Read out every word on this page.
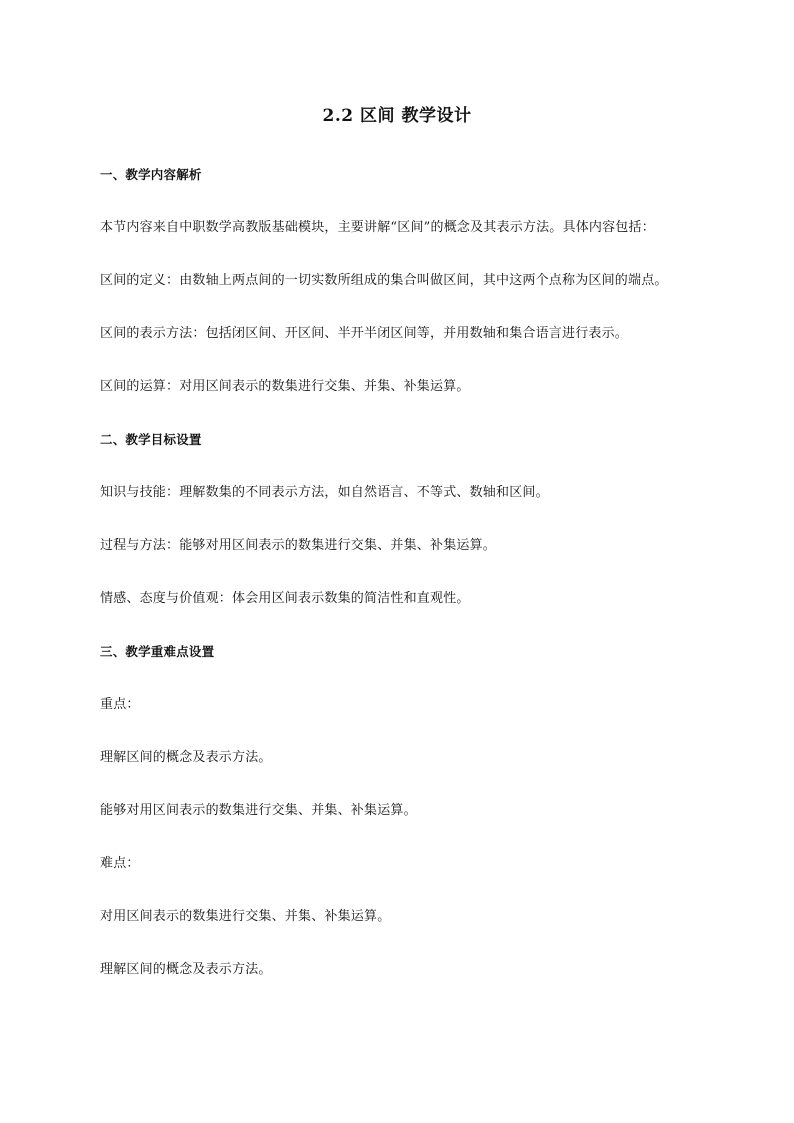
2.2 区间 教学设计
一、教学内容解析
本节内容来自中职数学高教版基础模块，主要讲解“区间”的概念及其表示方法。具体内容包括：
区间的定义：由数轴上两点间的一切实数所组成的集合叫做区间，其中这两个点称为区间的端点。
区间的表示方法：包括闭区间、开区间、半开半闭区间等，并用数轴和集合语言进行表示。
区间的运算：对用区间表示的数集进行交集、并集、补集运算。
二、教学目标设置
知识与技能：理解数集的不同表示方法，如自然语言、不等式、数轴和区间。
过程与方法：能够对用区间表示的数集进行交集、并集、补集运算。
情感、态度与价值观：体会用区间表示数集的简洁性和直观性。
三、教学重难点设置
重点：
理解区间的概念及表示方法。
能够对用区间表示的数集进行交集、并集、补集运算。
难点：
对用区间表示的数集进行交集、并集、补集运算。
理解区间的概念及表示方法。
